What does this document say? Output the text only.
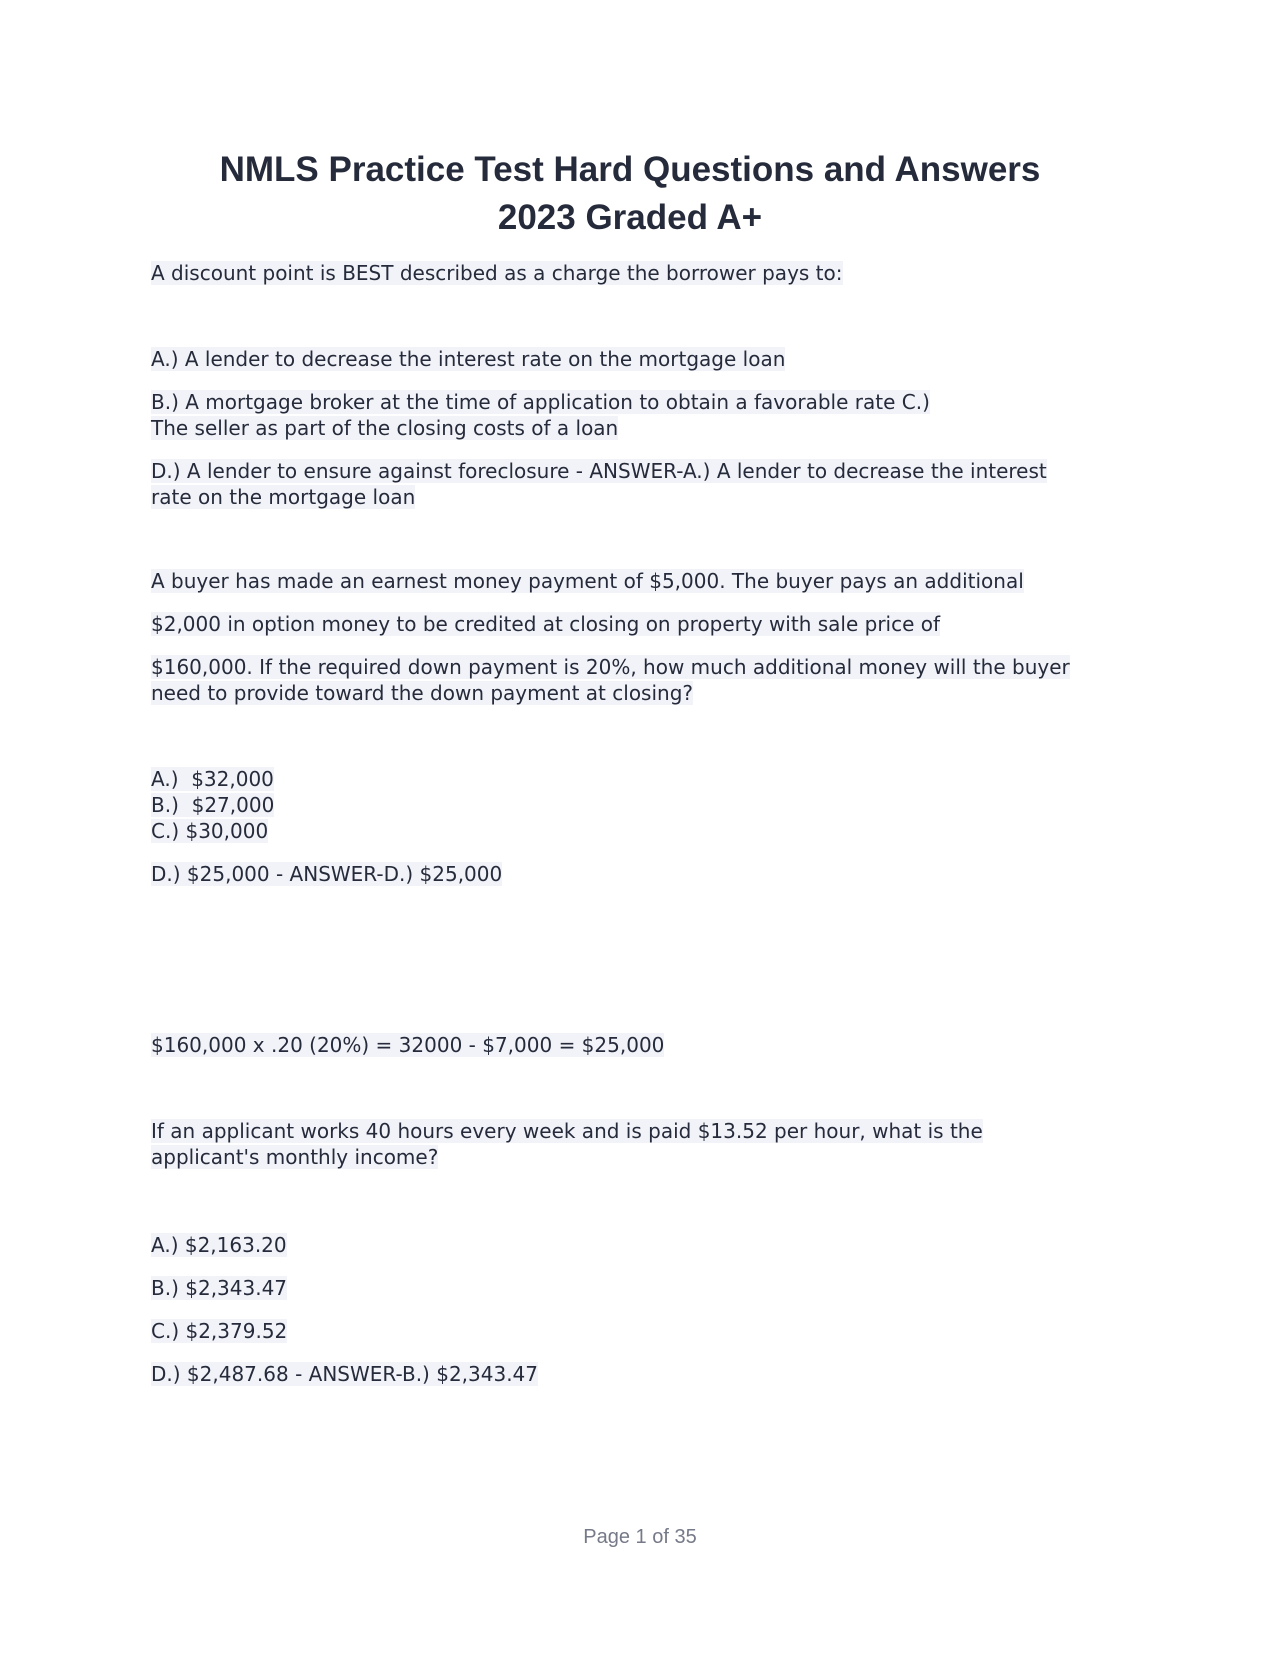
NMLS Practice Test Hard Questions and Answers
2023 Graded A+

A discount point is BEST described as a charge the borrower pays to:

A.) A lender to decrease the interest rate on the mortgage loan

B.) A mortgage broker at the time of application to obtain a favorable rate C.)

The seller as part of the closing costs of a loan

D.) A lender to ensure against foreclosure - ANSWER-A.) A lender to decrease the interest

rate on the mortgage loan

A buyer has made an earnest money payment of $5,000. The buyer pays an additional

$2,000 in option money to be credited at closing on property with sale price of

$160,000. If the required down payment is 20%, how much additional money will the buyer

need to provide toward the down payment at closing?

A.)  $32,000

B.)  $27,000

C.) $30,000

D.) $25,000 - ANSWER-D.) $25,000

$160,000 x .20 (20%) = 32000 - $7,000 = $25,000

If an applicant works 40 hours every week and is paid $13.52 per hour, what is the

applicant's monthly income?

A.) $2,163.20

B.) $2,343.47

C.) $2,379.52

D.) $2,487.68 - ANSWER-B.) $2,343.47

Page 1 of 35
